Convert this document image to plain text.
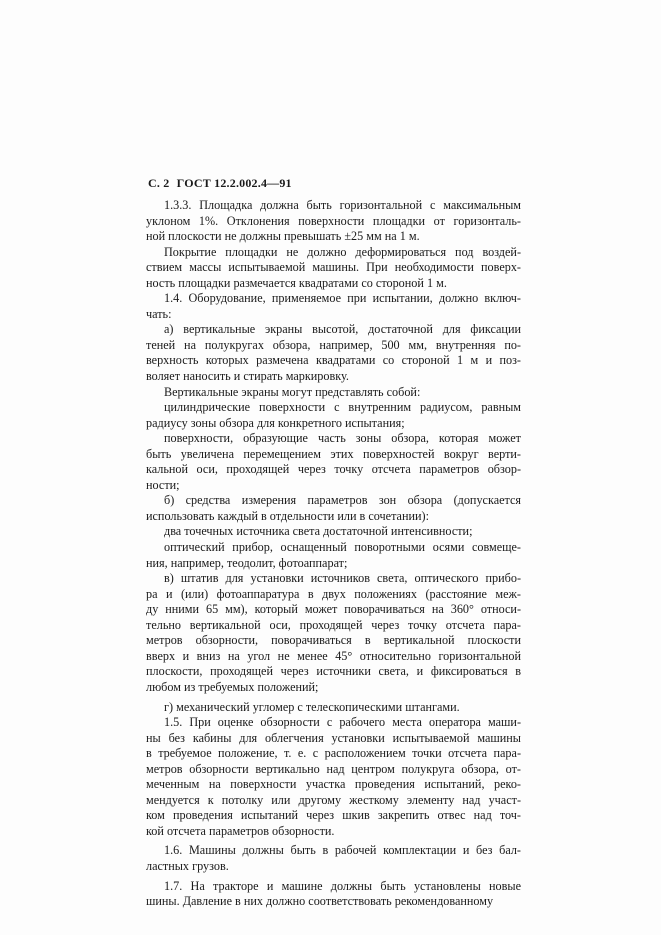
С. 2 ГОСТ 12.2.002.4—91
1.3.3. Площадка должна быть горизонтальной с максимальным
уклоном 1%. Отклонения поверхности площадки от горизонталь-
ной плоскости не должны превышать ±25 мм на 1 м.
Покрытие площадки не должно деформироваться под воздей-
ствием массы испытываемой машины. При необходимости поверх-
ность площадки размечается квадратами со стороной 1 м.
1.4. Оборудование, применяемое при испытании, должно включ-
чать:
а) вертикальные экраны высотой, достаточной для фиксации
теней на полукругах обзора, например, 500 мм, внутренняя по-
верхность которых размечена квадратами со стороной 1 м и поз-
воляет наносить и стирать маркировку.
Вертикальные экраны могут представлять собой:
цилиндрические поверхности с внутренним радиусом, равным
радиусу зоны обзора для конкретного испытания;
поверхности, образующие часть зоны обзора, которая может
быть увеличена перемещением этих поверхностей вокруг верти-
кальной оси, проходящей через точку отсчета параметров обзор-
ности;
б) средства измерения параметров зон обзора (допускается
использовать каждый в отдельности или в сочетании):
два точечных источника света достаточной интенсивности;
оптический прибор, оснащенный поворотными осями совмеще-
ния, например, теодолит, фотоаппарат;
в) штатив для установки источников света, оптического прибо-
ра и (или) фотоаппаратура в двух положениях (расстояние меж-
ду нними 65 мм), который может поворачиваться на 360° относи-
тельно вертикальной оси, проходящей через точку отсчета пара-
метров обзорности, поворачиваться в вертикальной плоскости
вверх и вниз на угол не менее 45° относительно горизонтальной
плоскости, проходящей через источники света, и фиксироваться в
любом из требуемых положений;
г) механический угломер с телескопическими штангами.
1.5. При оценке обзорности с рабочего места оператора маши-
ны без кабины для облегчения установки испытываемой машины
в требуемое положение, т. е. с расположением точки отсчета пара-
метров обзорности вертикально над центром полукруга обзора, от-
меченным на поверхности участка проведения испытаний, реко-
мендуется к потолку или другому жесткому элементу над участ-
ком проведения испытаний через шкив закрепить отвес над точ-
кой отсчета параметров обзорности.
1.6. Машины должны быть в рабочей комплектации и без бал-
ластных грузов.
1.7. На тракторе и машине должны быть установлены новые
шины. Давление в них должно соответствовать рекомендованному
